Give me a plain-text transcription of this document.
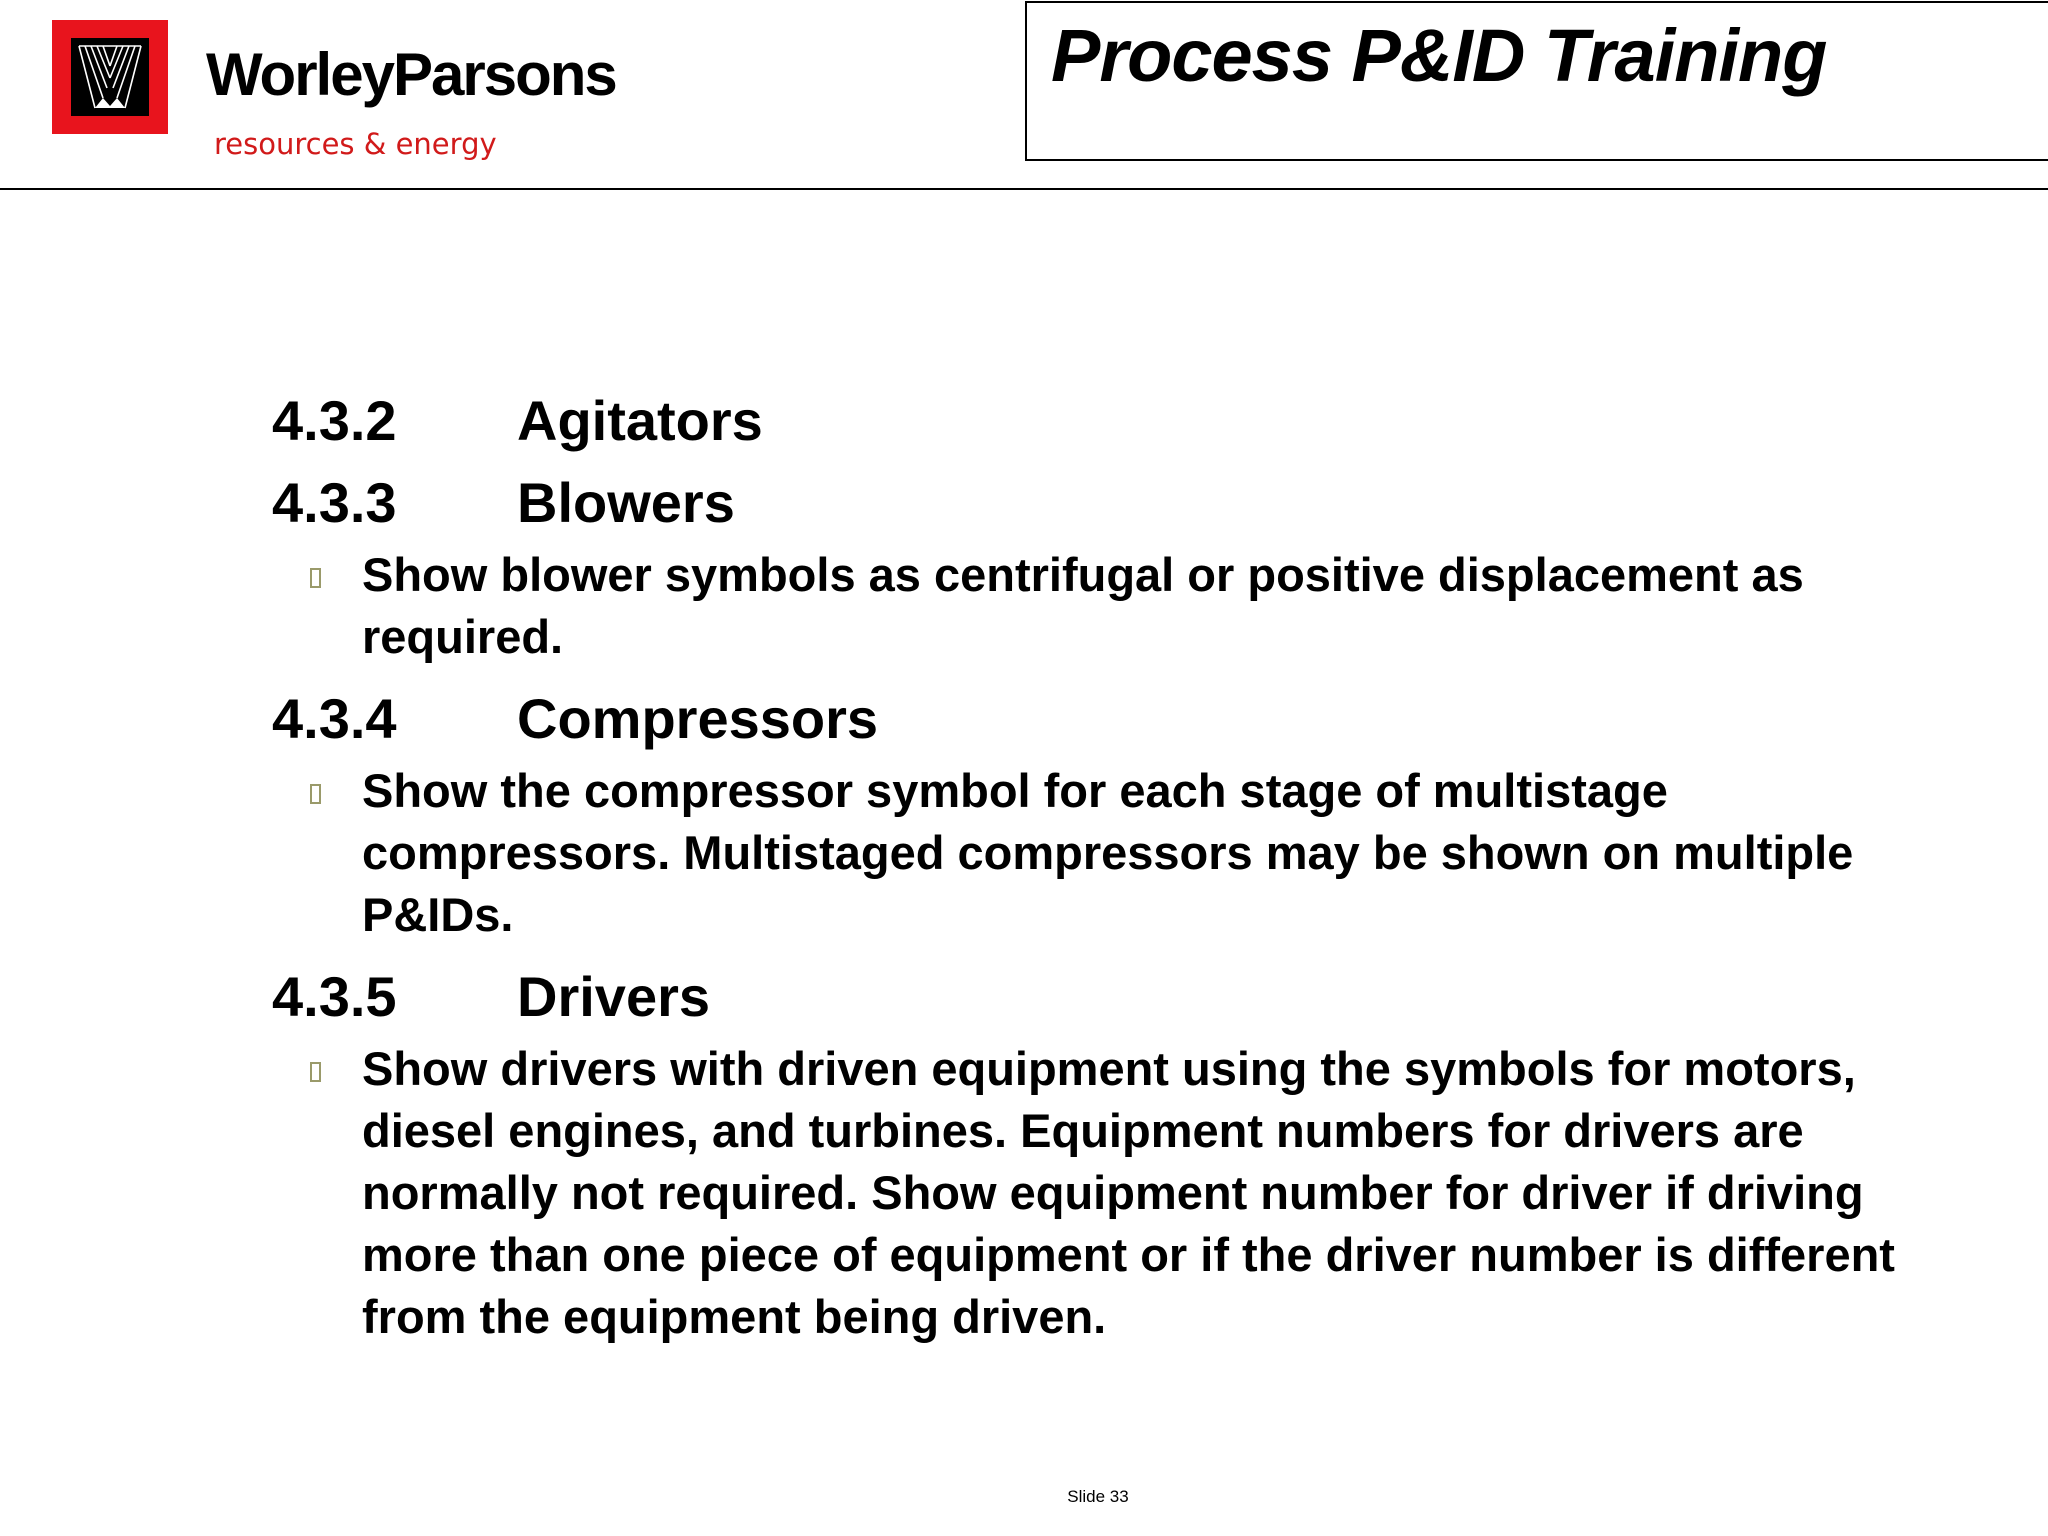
WorleyParsons
resources & energy
Process P&ID Training
4.3.2	Agitators
4.3.3	Blowers
Show blower symbols as centrifugal or positive displacement as required.
4.3.4	Compressors
Show the compressor symbol for each stage of multistage compressors. Multistaged compressors may be shown on multiple P&IDs.
4.3.5	Drivers
Show drivers with driven equipment using the symbols for motors, diesel engines, and turbines. Equipment numbers for drivers are normally not required. Show equipment number for driver if driving more than one piece of equipment or if the driver number is different from the equipment being driven.
Slide 33
